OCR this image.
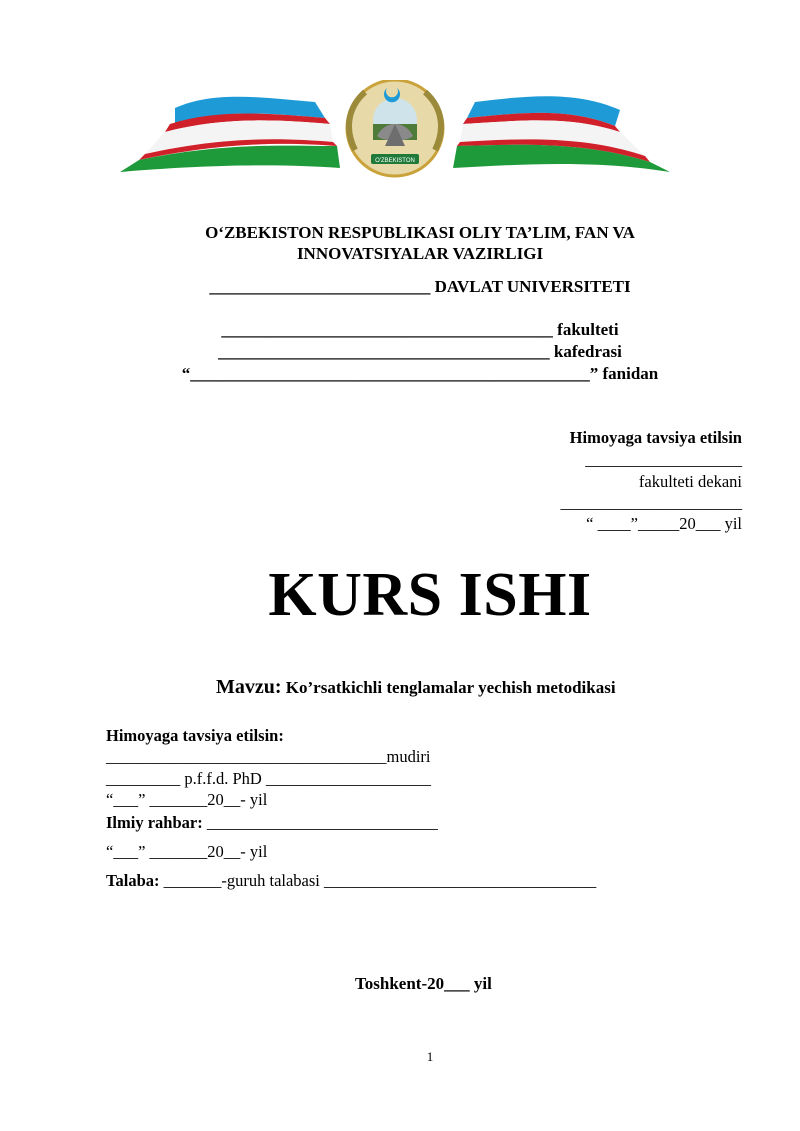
O'ZBEKISTON
O‘ZBEKISTON RESPUBLIKASI OLIY TA’LIM, FAN VA
INNOVATSIYALAR VAZIRLIGI
__________________________ DAVLAT UNIVERSITETI
_______________________________________ fakulteti
_______________________________________ kafedrasi
“_______________________________________________” fanidan
Himoyaga tavsiya etilsin
___________________
fakulteti dekani
______________________
“ ____”_____20___ yil
KURS ISHI
Mavzu: Ko’rsatkichli tenglamalar yechish metodikasi
Himoyaga tavsiya etilsin:
__________________________________mudiri
_________ p.f.f.d. PhD ____________________
“___” _______20__- yil
Ilmiy rahbar: ____________________________
“___” _______20__- yil
Talaba: _______-guruh talabasi _________________________________
Toshkent-20___ yil
1
